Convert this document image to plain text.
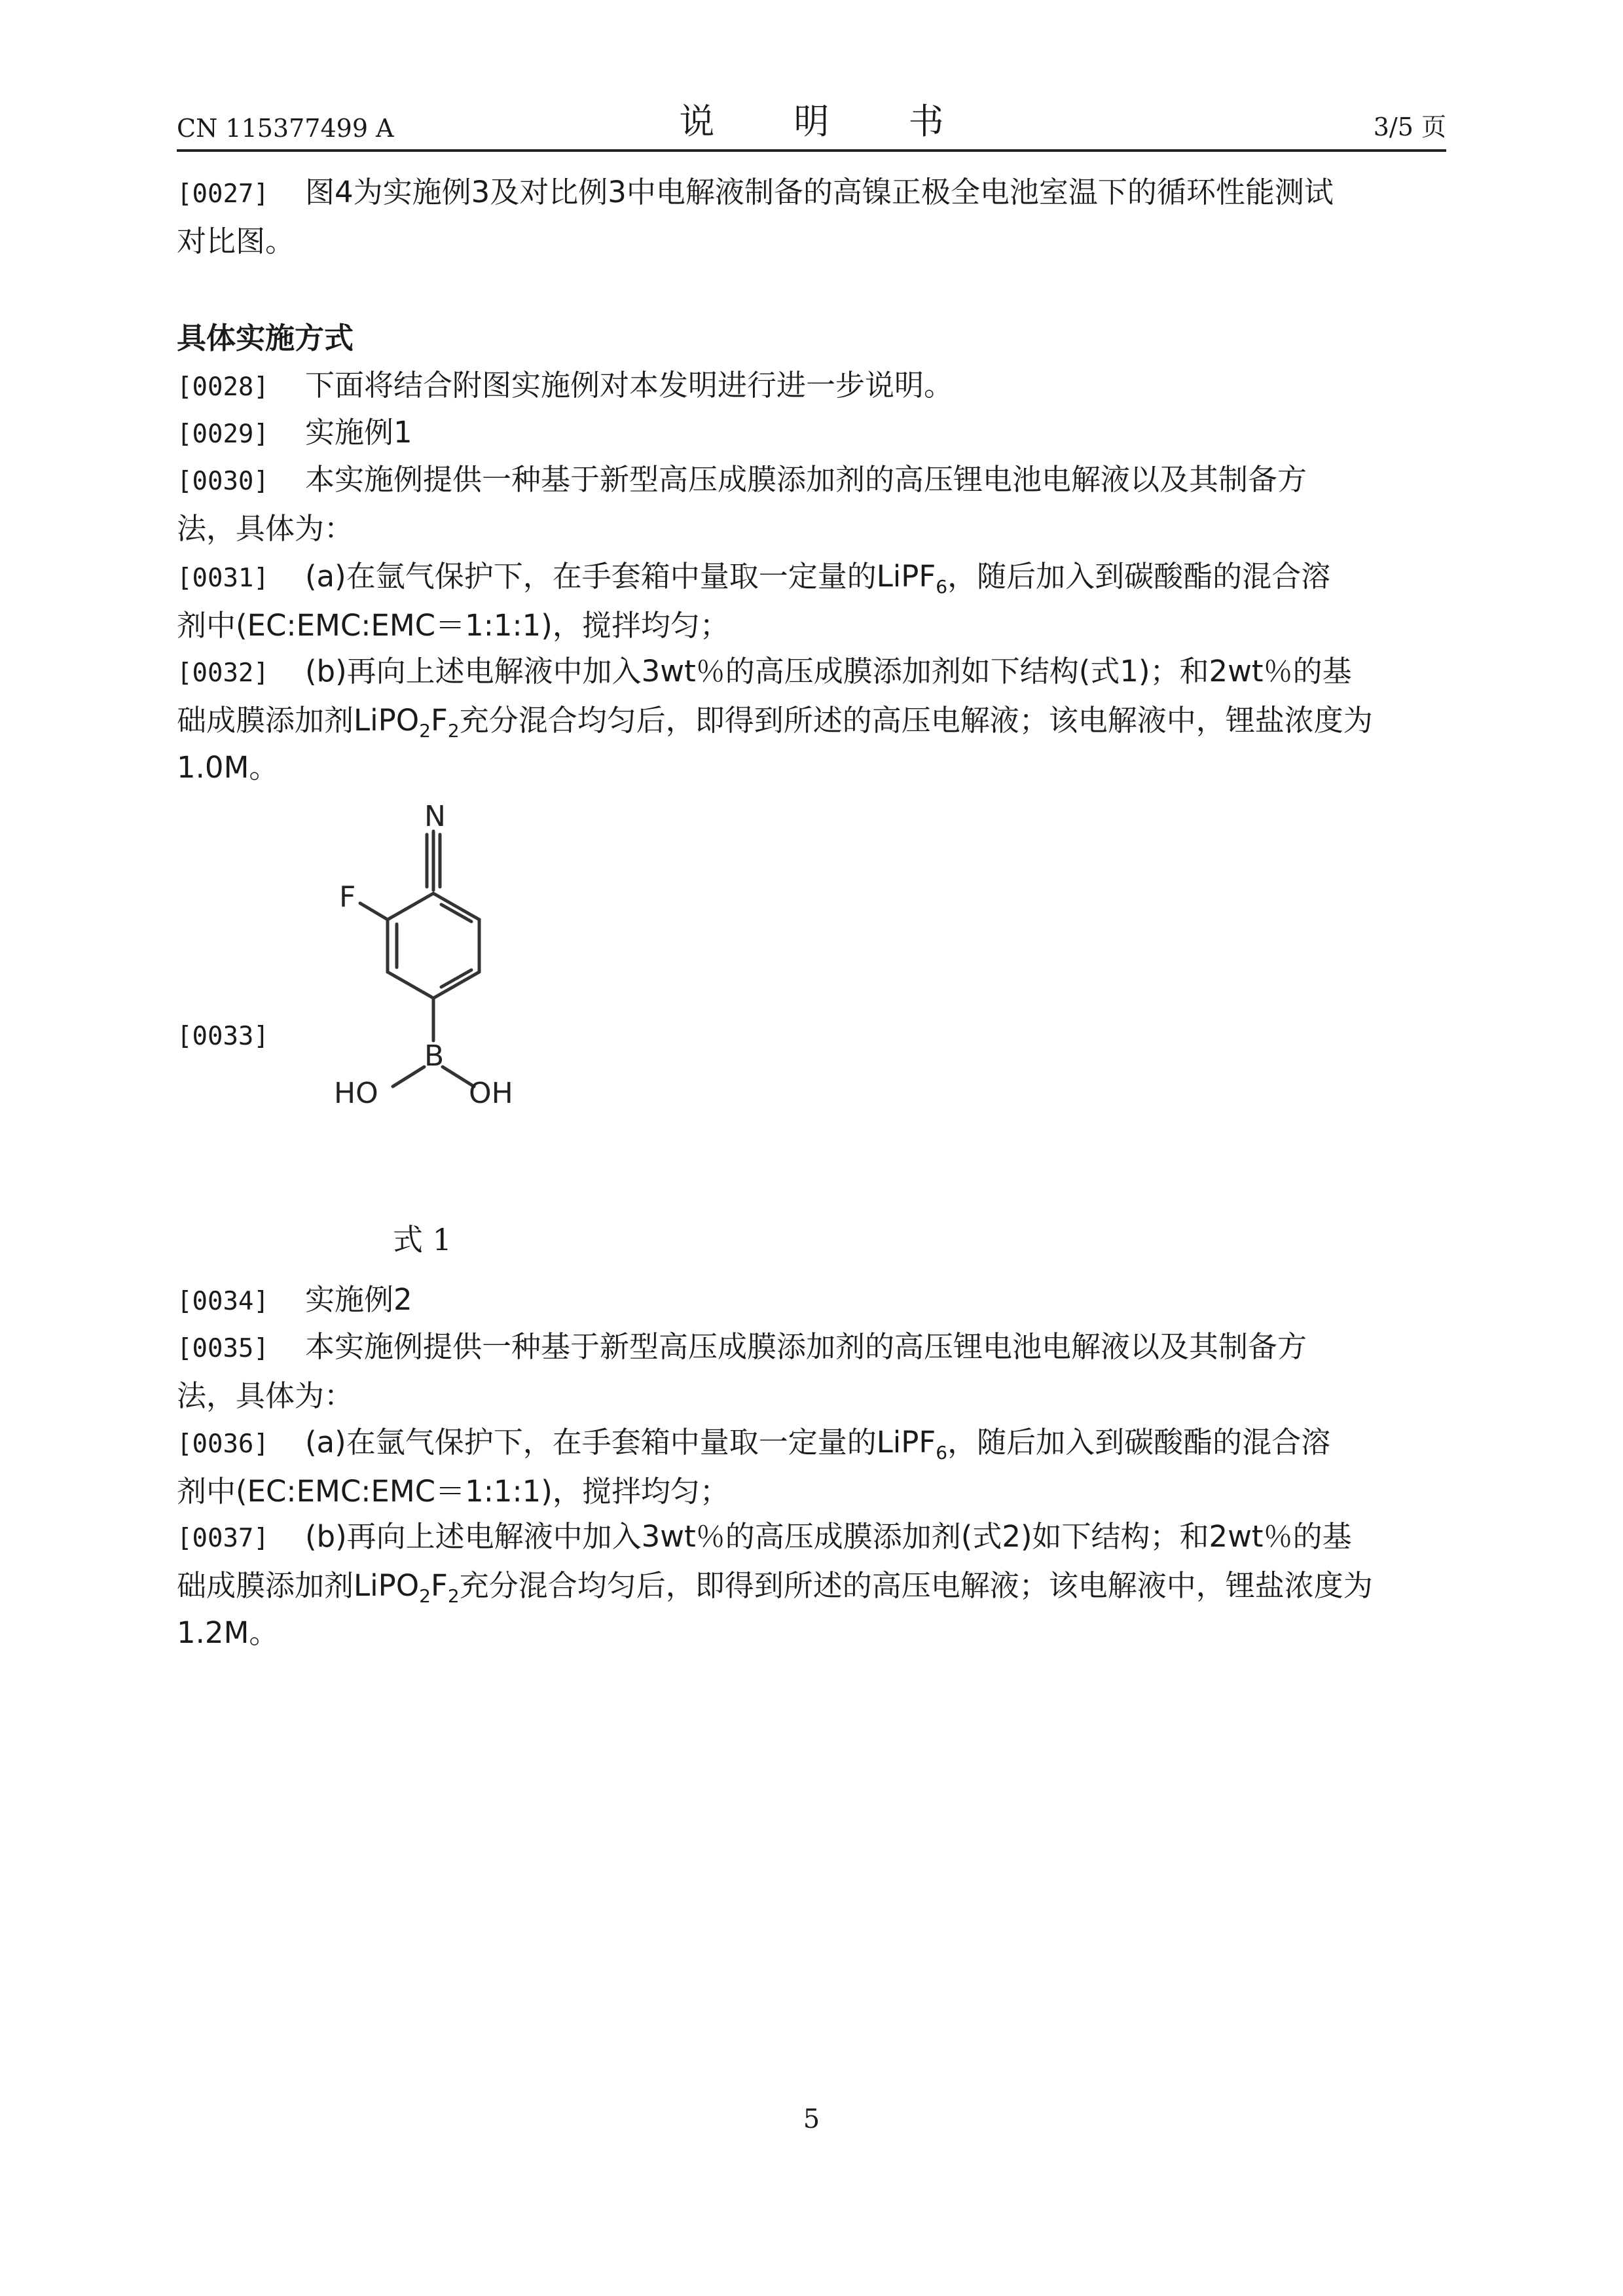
CN 115377499 A	说 明 书	3/5 页
[0027] 图4为实施例3及对比例3中电解液制备的高镍正极全电池室温下的循环性能测试
对比图。
具体实施方式
[0028] 下面将结合附图实施例对本发明进行进一步说明。
[0029] 实施例1
[0030] 本实施例提供一种基于新型高压成膜添加剂的高压锂电池电解液以及其制备方
法，具体为：
[0031] (a)在氩气保护下，在手套箱中量取一定量的LiPF$_6$，随后加入到碳酸酯的混合溶
剂中(EC:EMC:EMC＝1:1:1)，搅拌均匀；
[0032] (b)再向上述电解液中加入3wt％的高压成膜添加剂如下结构(式1)；和2wt％的基
础成膜添加剂$LiPO_2F_2$充分混合均匀后，即得到所述的高压电解液；该电解液中，锂盐浓度为
1.0M。
[0033]
N
F
B
HO	OH
式 1
[0034] 实施例2
[0035] 本实施例提供一种基于新型高压成膜添加剂的高压锂电池电解液以及其制备方
法，具体为：
[0036] (a)在氩气保护下，在手套箱中量取一定量的LiPF$_6$，随后加入到碳酸酯的混合溶
剂中(EC:EMC:EMC＝1:1:1)，搅拌均匀；
[0037] (b)再向上述电解液中加入3wt％的高压成膜添加剂(式2)如下结构；和2wt％的基
础成膜添加剂$LiPO_2F_2$充分混合均匀后，即得到所述的高压电解液；该电解液中，锂盐浓度为
1.2M。
5
